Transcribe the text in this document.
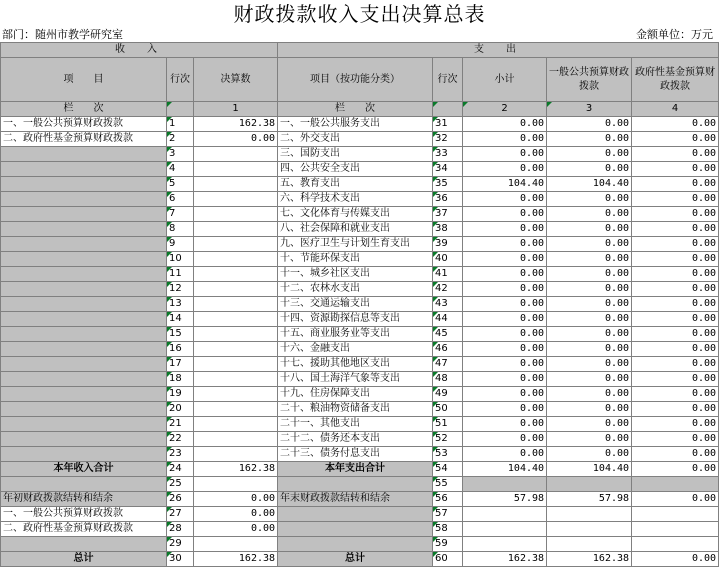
财政拨款收入支出决算总表
部门：随州市教学研究室	金额单位：万元
收　入			支　出				
项　　目	行次	决算数	项目（按功能分类）	行次	小计	一般公共预算财政拨款	政府性基金预算财政拨款
栏　　次		1	栏　　次		2	3	4
一、一般公共预算财政拨款	1	162.38	一、一般公共服务支出	31	0.00	0.00	0.00
二、政府性基金预算财政拨款	2	0.00	二、外交支出	32	0.00	0.00	0.00
	3		三、国防支出	33	0.00	0.00	0.00
	4		四、公共安全支出	34	0.00	0.00	0.00
	5		五、教育支出	35	104.40	104.40	0.00
	6		六、科学技术支出	36	0.00	0.00	0.00
	7		七、文化体育与传媒支出	37	0.00	0.00	0.00
	8		八、社会保障和就业支出	38	0.00	0.00	0.00
	9		九、医疗卫生与计划生育支出	39	0.00	0.00	0.00
	10		十、节能环保支出	40	0.00	0.00	0.00
	11		十一、城乡社区支出	41	0.00	0.00	0.00
	12		十二、农林水支出	42	0.00	0.00	0.00
	13		十三、交通运输支出	43	0.00	0.00	0.00
	14		十四、资源勘探信息等支出	44	0.00	0.00	0.00
	15		十五、商业服务业等支出	45	0.00	0.00	0.00
	16		十六、金融支出	46	0.00	0.00	0.00
	17		十七、援助其他地区支出	47	0.00	0.00	0.00
	18		十八、国土海洋气象等支出	48	0.00	0.00	0.00
	19		十九、住房保障支出	49	0.00	0.00	0.00
	20		二十、粮油物资储备支出	50	0.00	0.00	0.00
	21		二十一、其他支出	51	0.00	0.00	0.00
	22		二十二、债务还本支出	52	0.00	0.00	0.00
	23		二十三、债务付息支出	53	0.00	0.00	0.00
本年收入合计	24	162.38	本年支出合计	54	104.40	104.40	0.00
	25			55			
年初财政拨款结转和结余	26	0.00	年末财政拨款结转和结余	56	57.98	57.98	0.00
一、一般公共预算财政拨款	27	0.00		57			
二、政府性基金预算财政拨款	28	0.00		58			
	29			59			
总计	30	162.38	总计	60	162.38	162.38	0.00
